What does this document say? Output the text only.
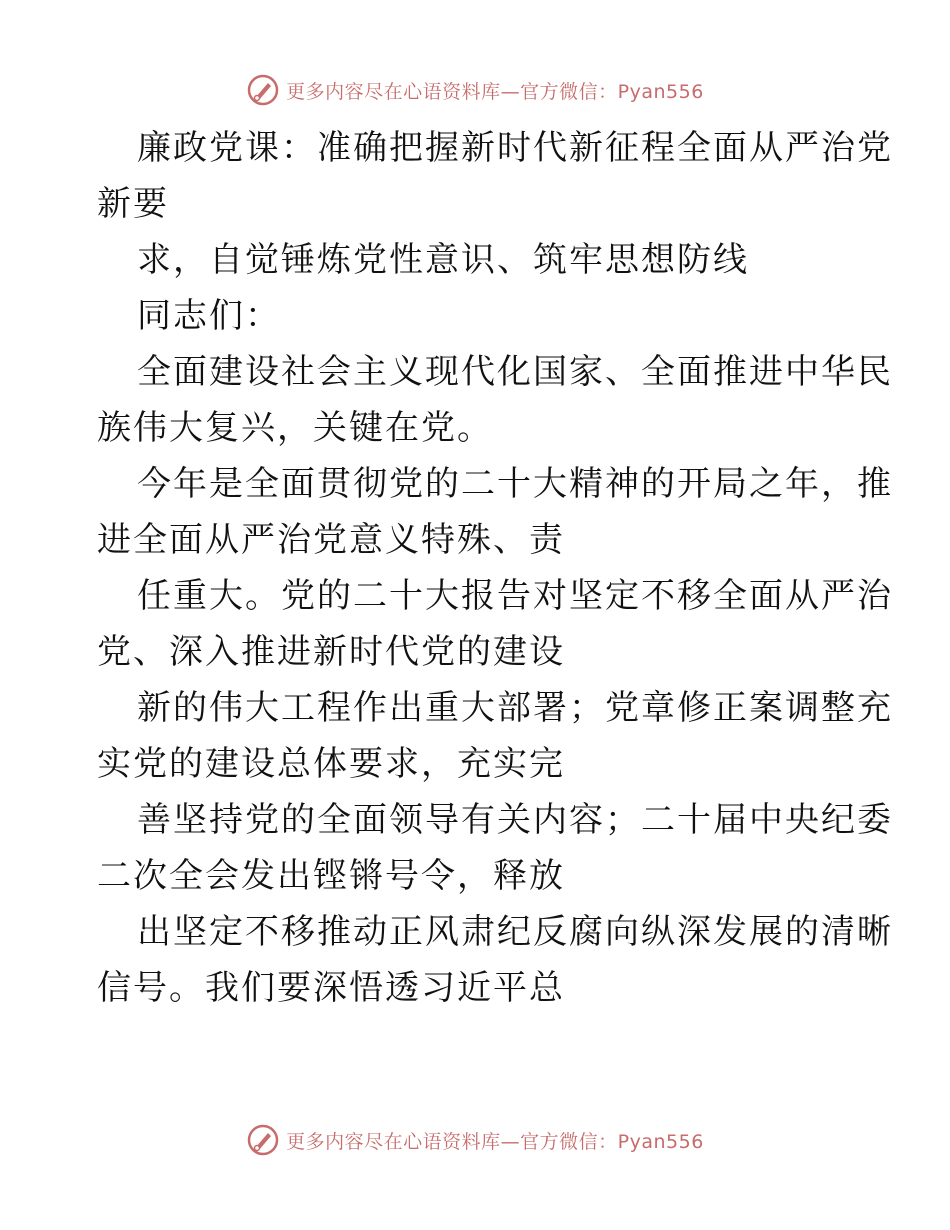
更多内容尽在心语资料库—官方微信：Pyan556
廉政党课：准确把握新时代新征程全面从严治党
新要
求，自觉锤炼党性意识、筑牢思想防线
同志们：
全面建设社会主义现代化国家、全面推进中华民
族伟大复兴，关键在党。
今年是全面贯彻党的二十大精神的开局之年，推
进全面从严治党意义特殊、责
任重大。党的二十大报告对坚定不移全面从严治
党、深入推进新时代党的建设
新的伟大工程作出重大部署；党章修正案调整充
实党的建设总体要求，充实完
善坚持党的全面领导有关内容；二十届中央纪委
二次全会发出铿锵号令，释放
出坚定不移推动正风肃纪反腐向纵深发展的清晰
信号。我们要深悟透习近平总
更多内容尽在心语资料库—官方微信：Pyan556
